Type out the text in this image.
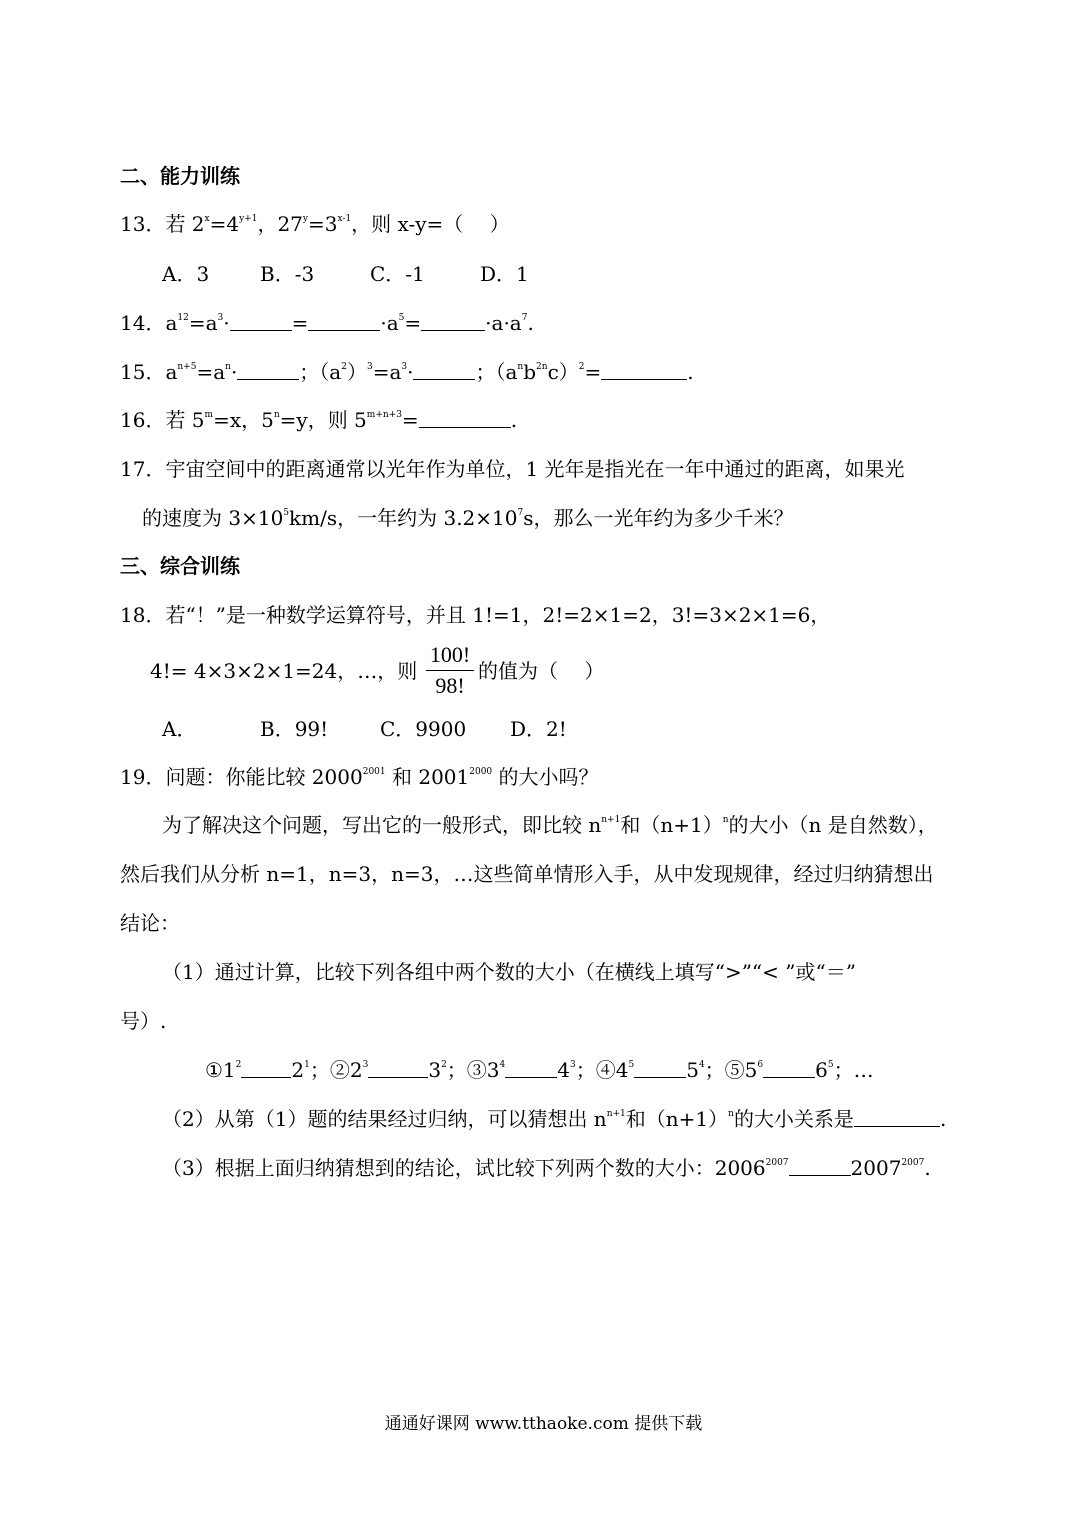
二、能力训练
13．若 $2^x=4^{y+1}$，$27^y=3^{x-1}$，则 x-y=（　 ）
A．3	B．-3	C．-1	D．1
14．$a^{12}=a^3\cdot$	=	$\cdot a^5=$	$\cdot a\cdot a^7$.
15．$a^{n+5}=a^n\cdot$	；$(a^2)^3=a^3\cdot$	；$(a^nb^{2n}c)^2=$	.
16．若 $5^m=x$，$5^n=y$，则 $5^{m+n+3}=$	.
17．宇宙空间中的距离通常以光年作为单位，1 光年是指光在一年中通过的距离，如果光
的速度为 $3\times 10^5km/s$，一年约为 $3.2\times 10^7s$，那么一光年约为多少千米？
三、综合训练
18．若“！”是一种数学运算符号，并且 1!=1，2!=2×1=2，3!=3×2×1=6，
4!= 4×3×2×1=24，…，则
100!
98!
的值为（　 ）
A．	B．99!	C．9900 D．2!
19．问题：你能比较 $2000^{2001}$ 和 $2001^{2000}$ 的大小吗？
为了解决这个问题，写出它的一般形式，即比较 $n^{n+1}$和$(n+1)^n$的大小（n 是自然数），
然后我们从分析 n=1，n=3，n=3，…这些简单情形入手，从中发现规律，经过归纳猜想出
结论：
（1）通过计算，比较下列各组中两个数的大小（在横线上填写“>”“< ”或“＝”
号）.
$①1^2$	$2^1$；$②2^3$	$3^2$；$③3^4$	$4^3$；$④4^5$	$5^4$；$⑤5^6$	$6^5$；…
（2）从第（1）题的结果经过归纳，可以猜想出 $n^{n+1}$和$(n+1)^n$的大小关系是	.
（3）根据上面归纳猜想到的结论，试比较下列两个数的大小：$2006^{2007}$	$2007^{2007}$.
通通好课网 www.tthaoke.com 提供下载
